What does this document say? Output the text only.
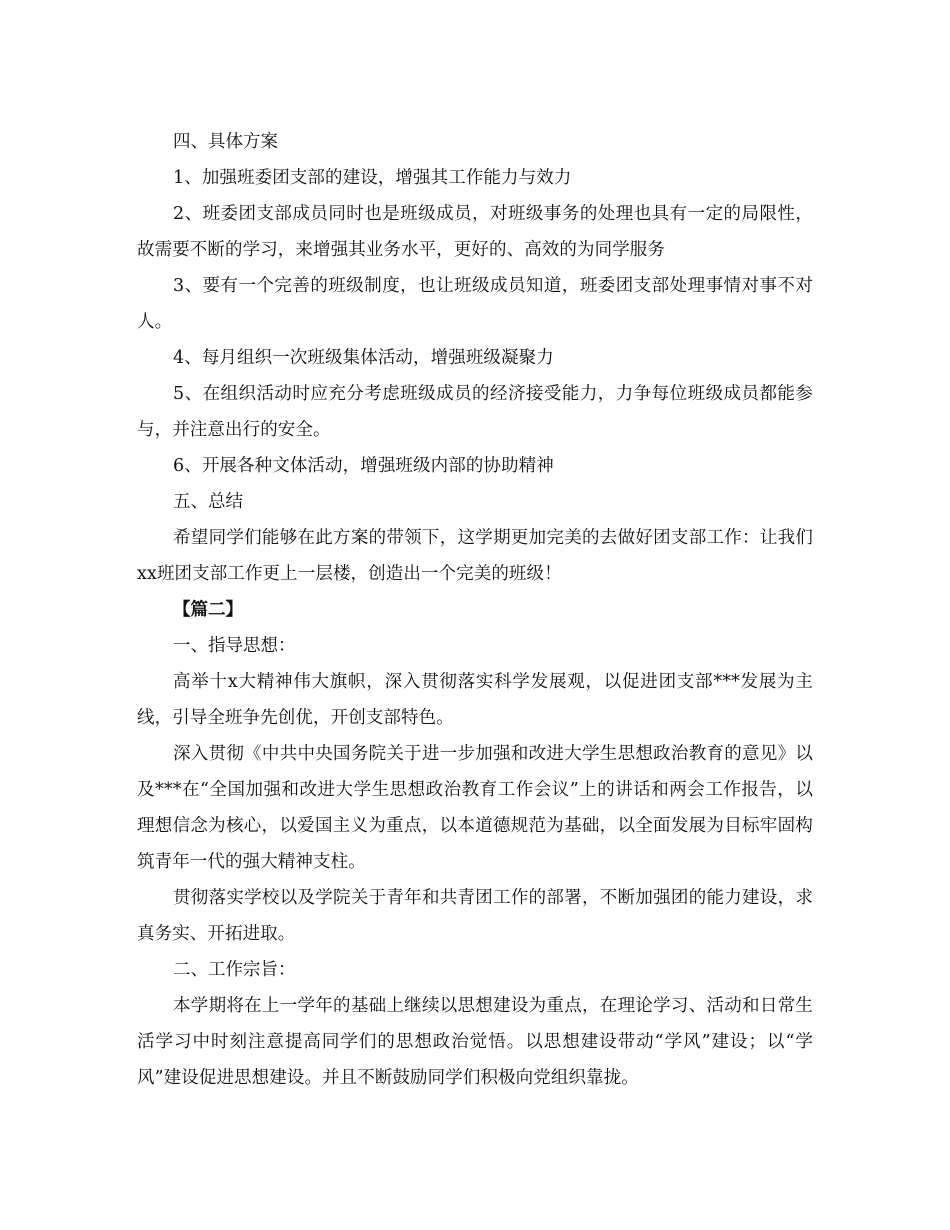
四、具体方案

1、加强班委团支部的建设，增强其工作能力与效力

2、班委团支部成员同时也是班级成员，对班级事务的处理也具有一定的局限性，故需要不断的学习，来增强其业务水平，更好的、高效的为同学服务

3、要有一个完善的班级制度，也让班级成员知道，班委团支部处理事情对事不对人。

4、每月组织一次班级集体活动，增强班级凝聚力

5、在组织活动时应充分考虑班级成员的经济接受能力，力争每位班级成员都能参与，并注意出行的安全。

6、开展各种文体活动，增强班级内部的协助精神

五、总结

希望同学们能够在此方案的带领下，这学期更加完美的去做好团支部工作：让我们xx班团支部工作更上一层楼，创造出一个完美的班级！

【篇二】

一、指导思想：

高举十x大精神伟大旗帜，深入贯彻落实科学发展观，以促进团支部***发展为主线，引导全班争先创优，开创支部特色。

深入贯彻《中共中央国务院关于进一步加强和改进大学生思想政治教育的意见》以及***在“全国加强和改进大学生思想政治教育工作会议”上的讲话和两会工作报告，以理想信念为核心，以爱国主义为重点，以本道德规范为基础，以全面发展为目标牢固构筑青年一代的强大精神支柱。

贯彻落实学校以及学院关于青年和共青团工作的部署，不断加强团的能力建设，求真务实、开拓进取。

二、工作宗旨：

本学期将在上一学年的基础上继续以思想建设为重点，在理论学习、活动和日常生活学习中时刻注意提高同学们的思想政治觉悟。以思想建设带动“学风”建设；以“学风”建设促进思想建设。并且不断鼓励同学们积极向党组织靠拢。
